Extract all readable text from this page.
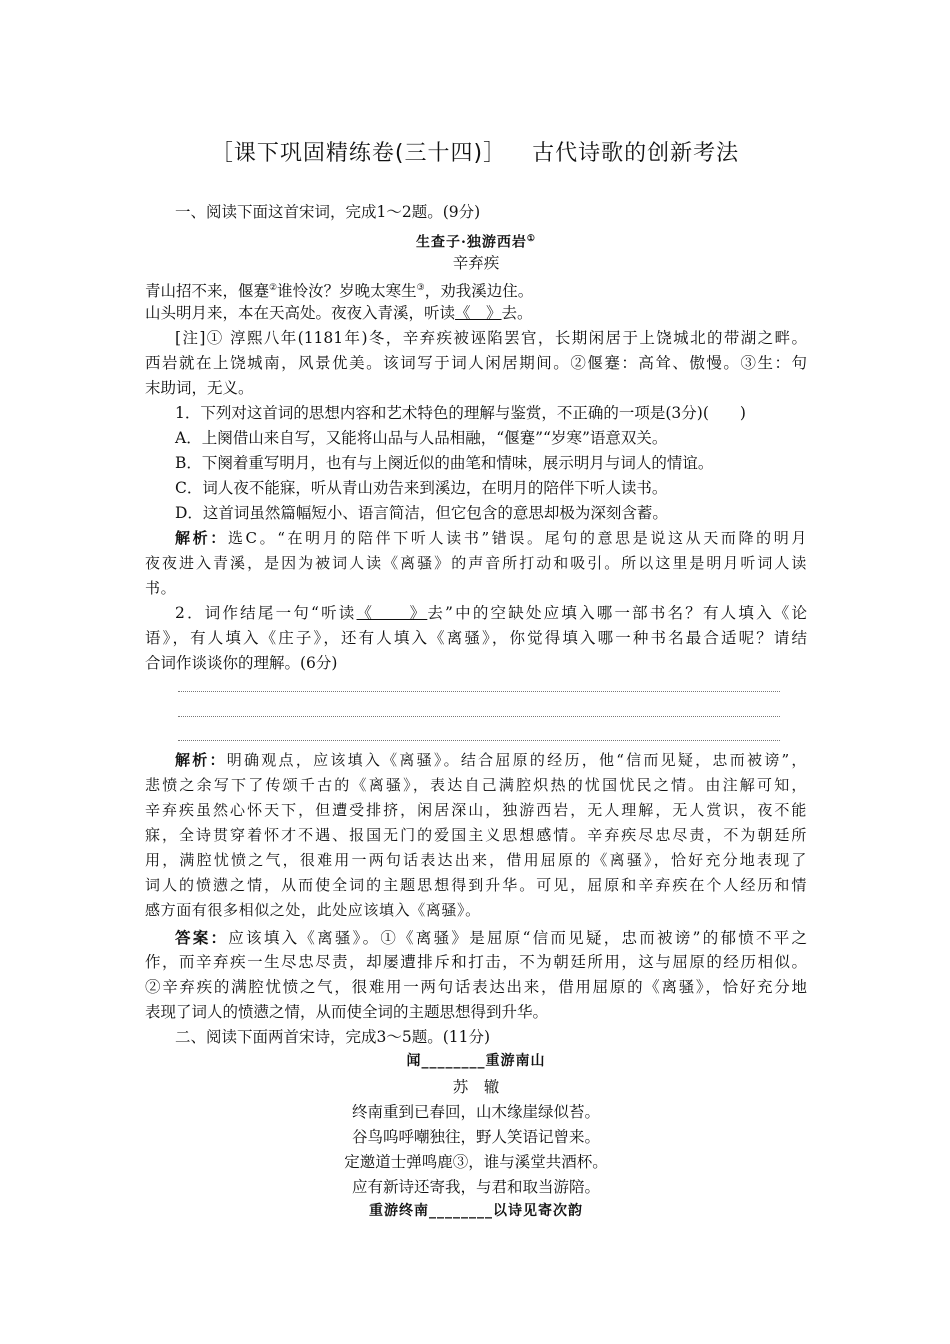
［课下巩固精练卷(三十四)］ 古代诗歌的创新考法
一、阅读下面这首宋词，完成1～2题。(9分)
生查子·独游西岩①
辛弃疾
青山招不来，偃蹇②谁怜汝？岁晚太寒生③，劝我溪边住。
山头明月来，本在天高处。夜夜入青溪，听读《　》去。
[注]① 淳熙八年(1181年)冬，辛弃疾被诬陷罢官，长期闲居于上饶城北的带湖之畔。
西岩就在上饶城南，风景优美。该词写于词人闲居期间。②偃蹇：高耸、傲慢。③生：句
末助词，无义。
1．下列对这首词的思想内容和艺术特色的理解与鉴赏，不正确的一项是(3分)(　　)
A．上阕借山来自写，又能将山品与人品相融，“偃蹇”“岁寒”语意双关。
B．下阕着重写明月，也有与上阕近似的曲笔和情味，展示明月与词人的情谊。
C．词人夜不能寐，听从青山劝告来到溪边，在明月的陪伴下听人读书。
D．这首词虽然篇幅短小、语言简洁，但它包含的意思却极为深刻含蓄。
解析：选C。“在明月的陪伴下听人读书”错误。尾句的意思是说这从天而降的明月
夜夜进入青溪，是因为被词人读《离骚》的声音所打动和吸引。所以这里是明月听词人读
书。
2．词作结尾一句“听读《　　》去”中的空缺处应填入哪一部书名？有人填入《论
语》，有人填入《庄子》，还有人填入《离骚》，你觉得填入哪一种书名最合适呢？请结
合词作谈谈你的理解。(6分)
解析：明确观点，应该填入《离骚》。结合屈原的经历，他“信而见疑，忠而被谤”，
悲愤之余写下了传颂千古的《离骚》，表达自己满腔炽热的忧国忧民之情。由注解可知，
辛弃疾虽然心怀天下，但遭受排挤，闲居深山，独游西岩，无人理解，无人赏识，夜不能
寐，全诗贯穿着怀才不遇、报国无门的爱国主义思想感情。辛弃疾尽忠尽责，不为朝廷所
用，满腔忧愤之气，很难用一两句话表达出来，借用屈原的《离骚》，恰好充分地表现了
词人的愤懑之情，从而使全词的主题思想得到升华。可见，屈原和辛弃疾在个人经历和情
感方面有很多相似之处，此处应该填入《离骚》。
答案：应该填入《离骚》。①《离骚》是屈原“信而见疑，忠而被谤”的郁愤不平之
作，而辛弃疾一生尽忠尽责，却屡遭排斥和打击，不为朝廷所用，这与屈原的经历相似。
②辛弃疾的满腔忧愤之气，很难用一两句话表达出来，借用屈原的《离骚》，恰好充分地
表现了词人的愤懑之情，从而使全词的主题思想得到升华。
二、阅读下面两首宋诗，完成3～5题。(11分)
闻________重游南山
苏　辙
终南重到已春回，山木缘崖绿似苔。
谷鸟呜呼嘲独往，野人笑语记曾来。
定邀道士弹鸣鹿③，谁与溪堂共酒杯。
应有新诗还寄我，与君和取当游陪。
重游终南________以诗见寄次韵
